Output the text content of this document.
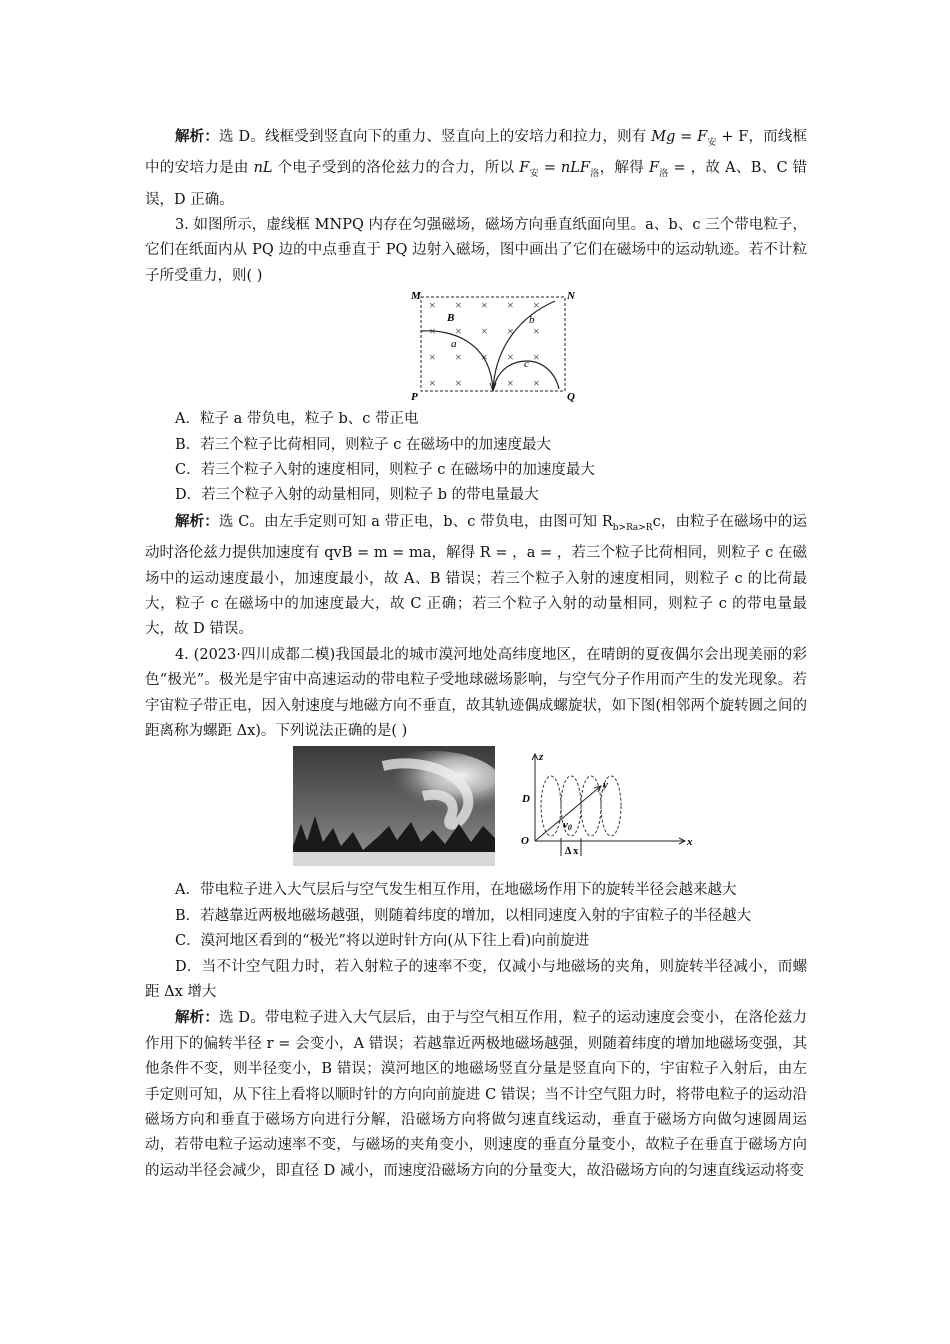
解析：选 D。线框受到竖直向下的重力、竖直向上的安培力和拉力，则有 $Mg = F_安 + F$，而线框中的安培力是由 nL 个电子受到的洛伦兹力的合力，所以 $F_安 = nLF_洛$，解得 $F_洛$ = ，故 A、B、C 错误，D 正确。

3. 如图所示，虚线框 MNPQ 内存在匀强磁场，磁场方向垂直纸面向里。a、b、c 三个带电粒子，它们在纸面内从 PQ 边的中点垂直于 PQ 边射入磁场，图中画出了它们在磁场中的运动轨迹。若不计粒子所受重力，则( )

M	N
P	Q
× × × × ×
× × × × ×
× × × × ×
× ×	× ×
B
a
b
c

A．粒子 a 带负电，粒子 b、c 带正电

B．若三个粒子比荷相同，则粒子 c 在磁场中的加速度最大

C．若三个粒子入射的速度相同，则粒子 c 在磁场中的加速度最大

D．若三个粒子入射的动量相同，则粒子 b 的带电量最大

解析：选 C。由左手定则可知 a 带正电，b、c 带负电，由图可知 $R_{b>Ra>R}c$，由粒子在磁场中的运动时洛伦兹力提供加速度有 qvB = m = ma，解得 R = ，a = ，若三个粒子比荷相同，则粒子 c 在磁场中的运动速度最小，加速度最小，故 A、B 错误；若三个粒子入射的速度相同，则粒子 c 的比荷最大，粒子 c 在磁场中的加速度最大，故 C 正确；若三个粒子入射的动量相同，则粒子 c 的带电量最大，故 D 错误。

4. (2023·四川成都二模)我国最北的城市漠河地处高纬度地区，在晴朗的夏夜偶尔会出现美丽的彩色“极光”。极光是宇宙中高速运动的带电粒子受地球磁场影响，与空气分子作用而产生的发光现象。若宇宙粒子带正电，因入射速度与地磁方向不垂直，故其轨迹偶成螺旋状，如下图(相邻两个旋转圆之间的距离称为螺距 Δx)。下列说法正确的是( )

z
y
x
O
D
v0
Δ x

A．带电粒子进入大气层后与空气发生相互作用，在地磁场作用下的旋转半径会越来越大

B．若越靠近两极地磁场越强，则随着纬度的增加，以相同速度入射的宇宙粒子的半径越大

C．漠河地区看到的“极光”将以逆时针方向(从下往上看)向前旋进

D．当不计空气阻力时，若入射粒子的速率不变，仅减小与地磁场的夹角，则旋转半径减小，而螺距 Δx 增大

解析：选 D。带电粒子进入大气层后，由于与空气相互作用，粒子的运动速度会变小，在洛伦兹力作用下的偏转半径 r = 会变小，A 错误；若越靠近两极地磁场越强，则随着纬度的增加地磁场变强，其他条件不变，则半径变小，B 错误；漠河地区的地磁场竖直分量是竖直向下的，宇宙粒子入射后，由左手定则可知，从下往上看将以顺时针的方向向前旋进 C 错误；当不计空气阻力时，将带电粒子的运动沿磁场方向和垂直于磁场方向进行分解，沿磁场方向将做匀速直线运动，垂直于磁场方向做匀速圆周运动，若带电粒子运动速率不变，与磁场的夹角变小，则速度的垂直分量变小，故粒子在垂直于磁场方向的运动半径会减少，即直径 D 减小，而速度沿磁场方向的分量变大，故沿磁场方向的匀速直线运动将变
